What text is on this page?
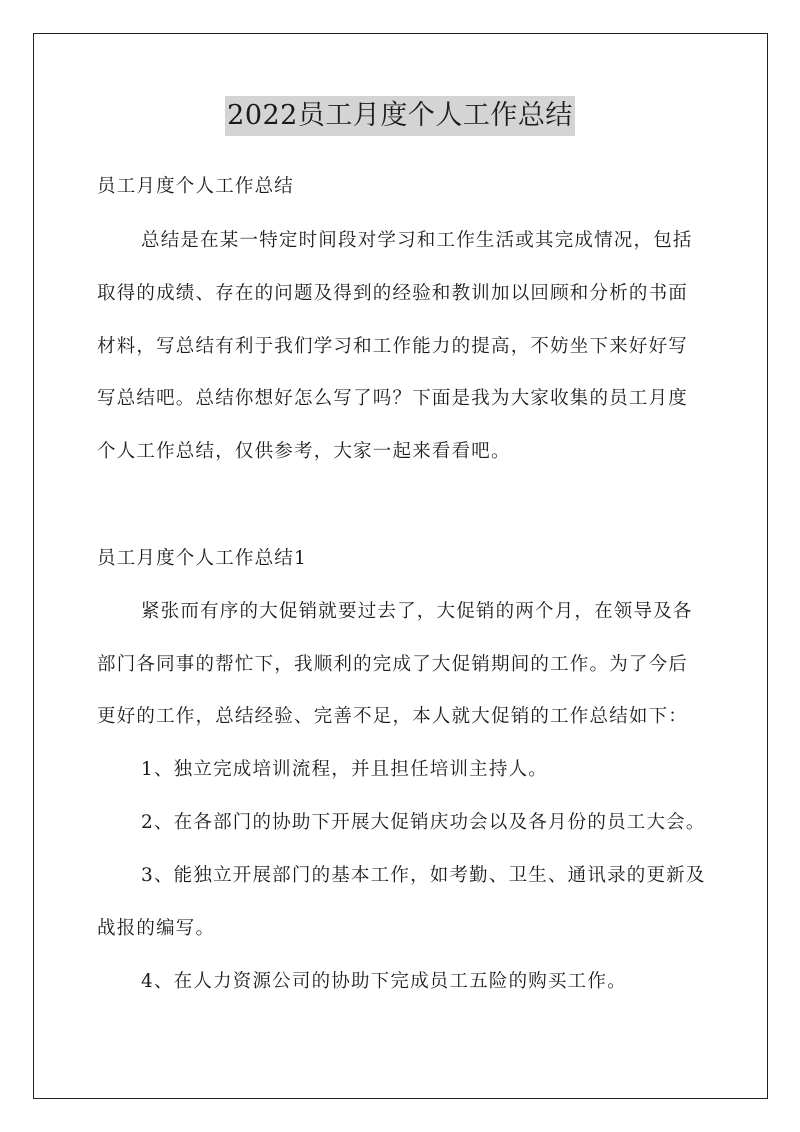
2022员工月度个人工作总结
员工月度个人工作总结
总结是在某一特定时间段对学习和工作生活或其完成情况，包括
取得的成绩、存在的问题及得到的经验和教训加以回顾和分析的书面
材料，写总结有利于我们学习和工作能力的提高，不妨坐下来好好写
写总结吧。总结你想好怎么写了吗？下面是我为大家收集的员工月度
个人工作总结，仅供参考，大家一起来看看吧。
员工月度个人工作总结1
紧张而有序的大促销就要过去了，大促销的两个月，在领导及各
部门各同事的帮忙下，我顺利的完成了大促销期间的工作。为了今后
更好的工作，总结经验、完善不足，本人就大促销的工作总结如下：
1、独立完成培训流程，并且担任培训主持人。
2、在各部门的协助下开展大促销庆功会以及各月份的员工大会。
3、能独立开展部门的基本工作，如考勤、卫生、通讯录的更新及
战报的编写。
4、在人力资源公司的协助下完成员工五险的购买工作。
